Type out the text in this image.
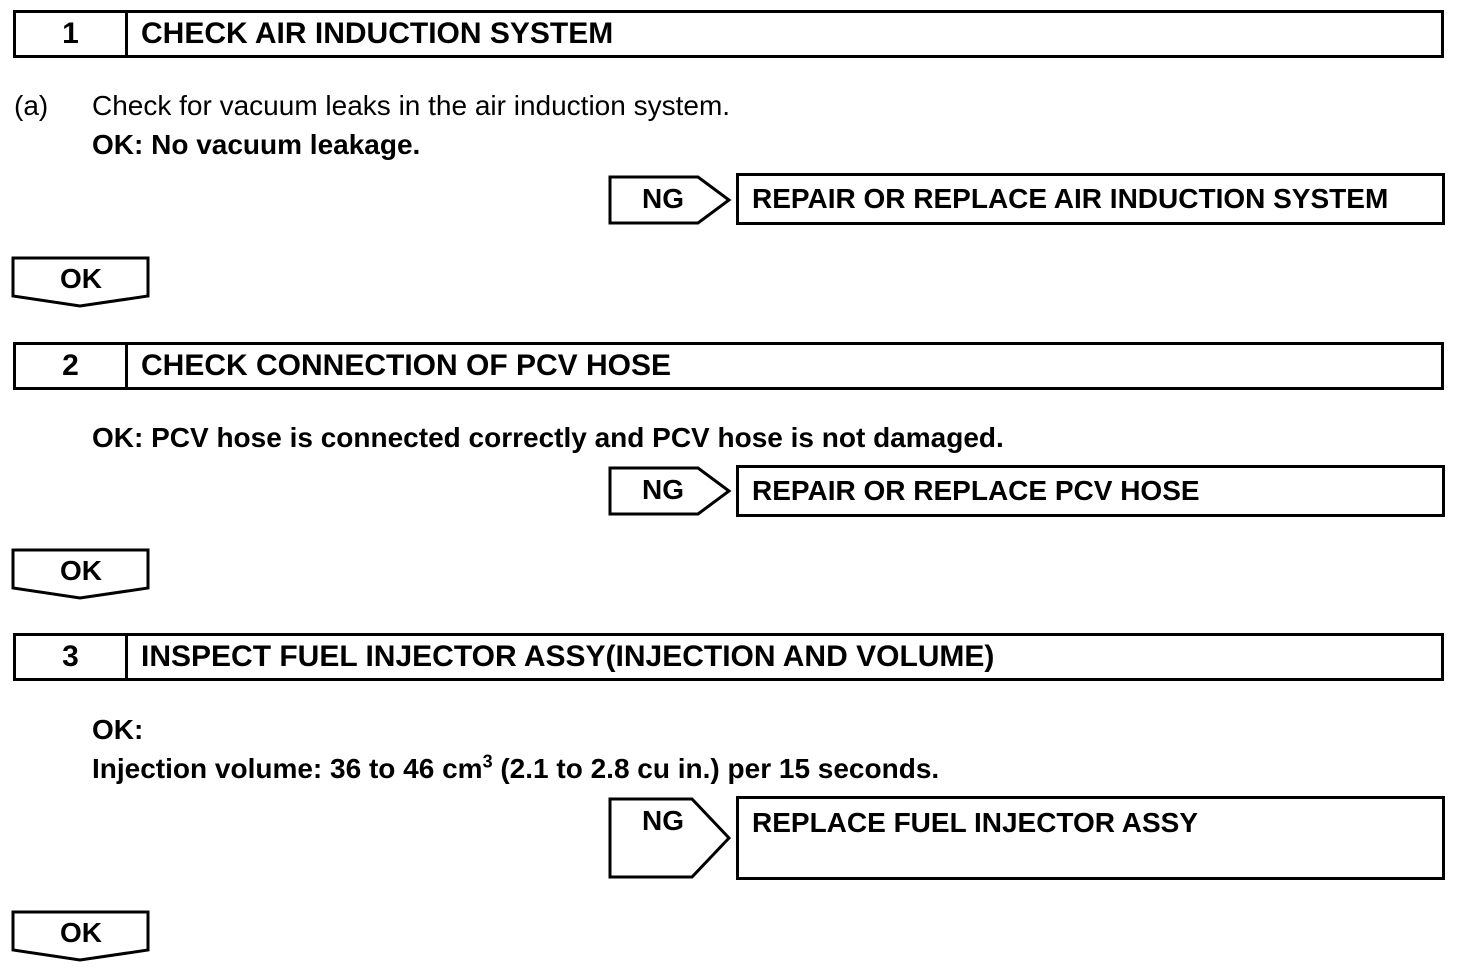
1	CHECK AIR INDUCTION SYSTEM
(a) Check for vacuum leaks in the air induction system.
OK: No vacuum leakage.
NG	REPAIR OR REPLACE AIR INDUCTION SYSTEM
OK
2	CHECK CONNECTION OF PCV HOSE
OK: PCV hose is connected correctly and PCV hose is not damaged.
NG	REPAIR OR REPLACE PCV HOSE
OK
3	INSPECT FUEL INJECTOR ASSY(INJECTION AND VOLUME)
OK:
Injection volume: 36 to 46 $cm^3$ (2.1 to 2.8 cu in.) per 15 seconds.
NG	REPLACE FUEL INJECTOR ASSY
OK
